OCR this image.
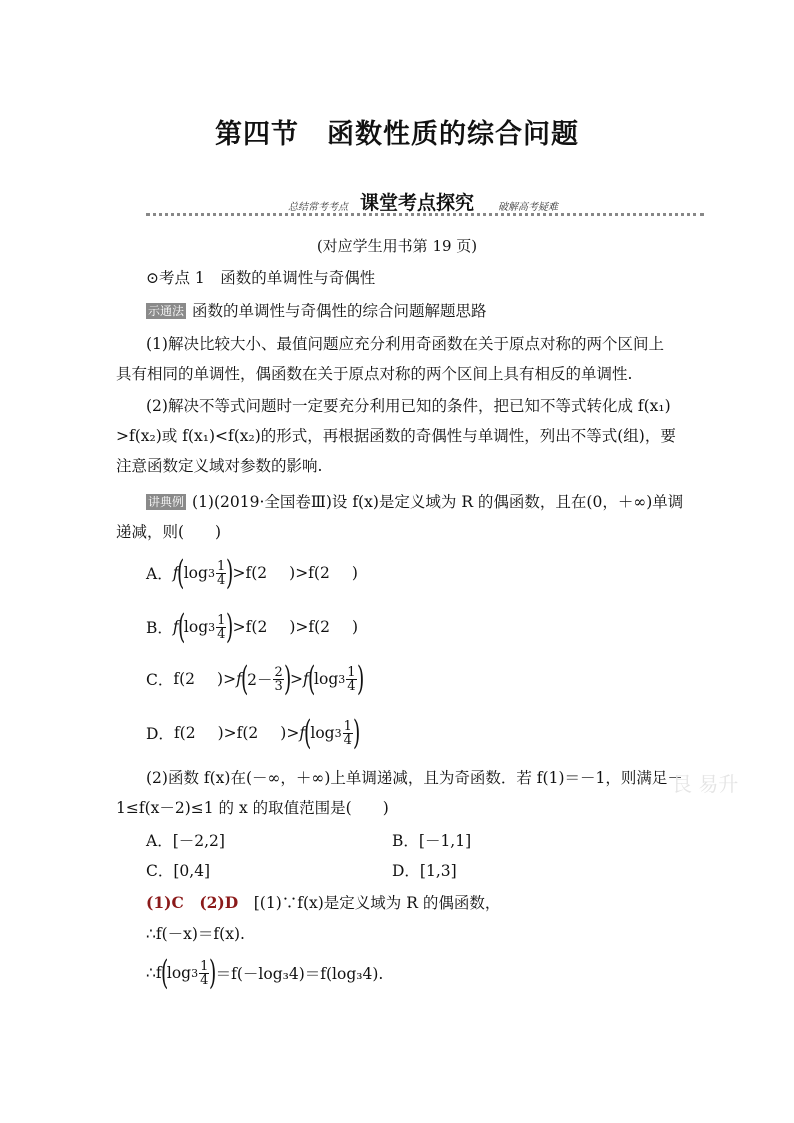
第四节　函数性质的综合问题
总结常考考点 课堂考点探究 破解高考疑难
(对应学生用书第 19 页)
⊙考点 1　函数的单调性与奇偶性
示通法 函数的单调性与奇偶性的综合问题解题思路
(1)解决比较大小、最值问题应充分利用奇函数在关于原点对称的两个区间上
具有相同的单调性，偶函数在关于原点对称的两个区间上具有相反的单调性.
(2)解决不等式问题时一定要充分利用已知的条件，把已知不等式转化成 f(x₁)
>f(x₂)或 f(x₁)<f(x₂)的形式，再根据函数的奇偶性与单调性，列出不等式(组)，要
注意函数定义域对参数的影响.
讲典例 (1)(2019·全国卷Ⅲ)设 f(x)是定义域为 R 的偶函数，且在(0，＋∞)单调
递减，则(　　)
A． f
(
$\log 3 \frac{1}{4}$ )
>f(2 ) >f(2 )
B． f
(
$\log 3 \frac{1}{4}$ )
>f(2 ) >f(2 )
C． f(2 ) > f
(
$2- \frac{2}{3}$ )
> f
(
$\log 3 \frac{1}{4}$ )
D． f(2 ) >f(2 ) > f
(
$\log 3 \frac{1}{4}$ )
(2)函数 f(x)在(－∞，＋∞)上单调递减，且为奇函数．若 f(1)＝－1，则满足－
1≤f(x－2)≤1 的 x 的取值范围是(　　)
艮 易升
A．[－2,2]	B．[－1,1]
C．[0,4]	D．[1,3]
(1)C　 (2)D　 [(1)∵f(x)是定义域为 R 的偶函数，
∴f(－x)＝f(x).
∴f
(
$\log 3 \frac{1}{4}$ )
＝f(－log₃4)＝f(log₃4).
